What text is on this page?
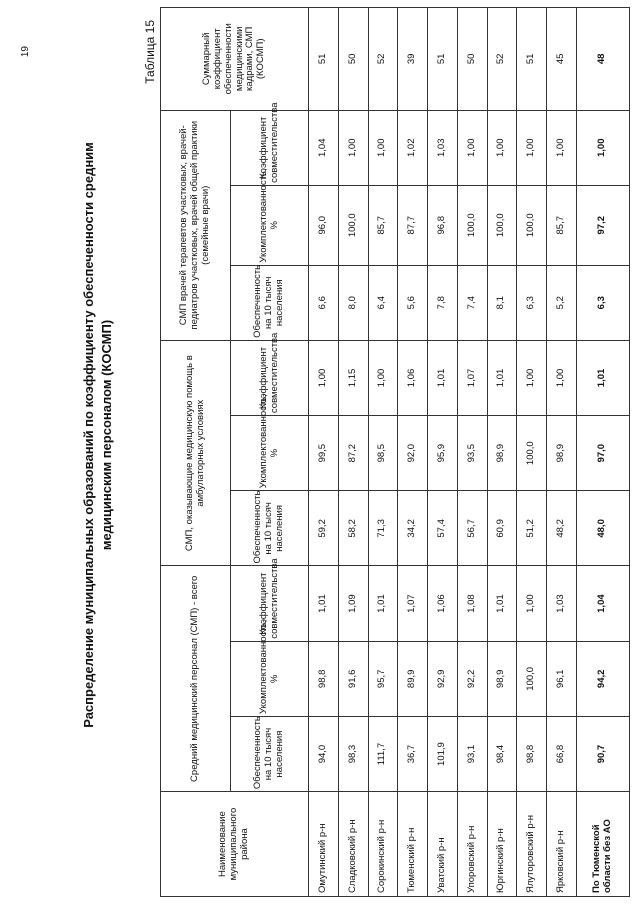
19
Распределение муниципальных образований по коэффициенту обеспеченности средним медицинским персоналом (КОСМП)
Таблица 15
Наименование муниципального района	Средний медицинский персонал (СМП) - всего			СМП, оказывающие медицинскую помощь в амбулаторных условиях			СМП врачей терапевтов участковых, врачей-педиатров участковых, врачей общей практики (семейные врачи)			Суммарный коэффициент обеспеченности медицинскими кадрами, СМП (КОСМП)
	Обеспеченность на 10 тысяч населения	Укомплектованность, %	Коэффициент совместительства	Обеспеченность на 10 тысяч населения	Укомплектованность, %	Коэффициент совместительства	Обеспеченность на 10 тысяч населения	Укомплектованность, %	Коэффициент совместительства	
Омутинский р-н	94,0	98,8	1,01	59,2	99,5	1,00	6,6	96,0	1,04	51
Сладковский р-н	98,3	91,6	1,09	58,2	87,2	1,15	8,0	100,0	1,00	50
Сорокинский р-н	111,7	95,7	1,01	71,3	98,5	1,00	6,4	85,7	1,00	52
Тюменский р-н	36,7	89,9	1,07	34,2	92,0	1,06	5,6	87,7	1,02	39
Уватский р-н	101,9	92,9	1,06	57,4	95,9	1,01	7,8	96,8	1,03	51
Упоровский р-н	93,1	92,2	1,08	56,7	93,5	1,07	7,4	100,0	1,00	50
Юргинский р-н	98,4	98,9	1,01	60,9	98,9	1,01	8,1	100,0	1,00	52
Ялуторовский р-н	98,8	100,0	1,00	51,2	100,0	1,00	6,3	100,0	1,00	51
Ярковский р-н	66,8	96,1	1,03	48,2	98,9	1,00	5,2	85,7	1,00	45
По Тюменской области без АО	90,7	94,2	1,04	48,0	97,0	1,01	6,3	97,2	1,00	48
